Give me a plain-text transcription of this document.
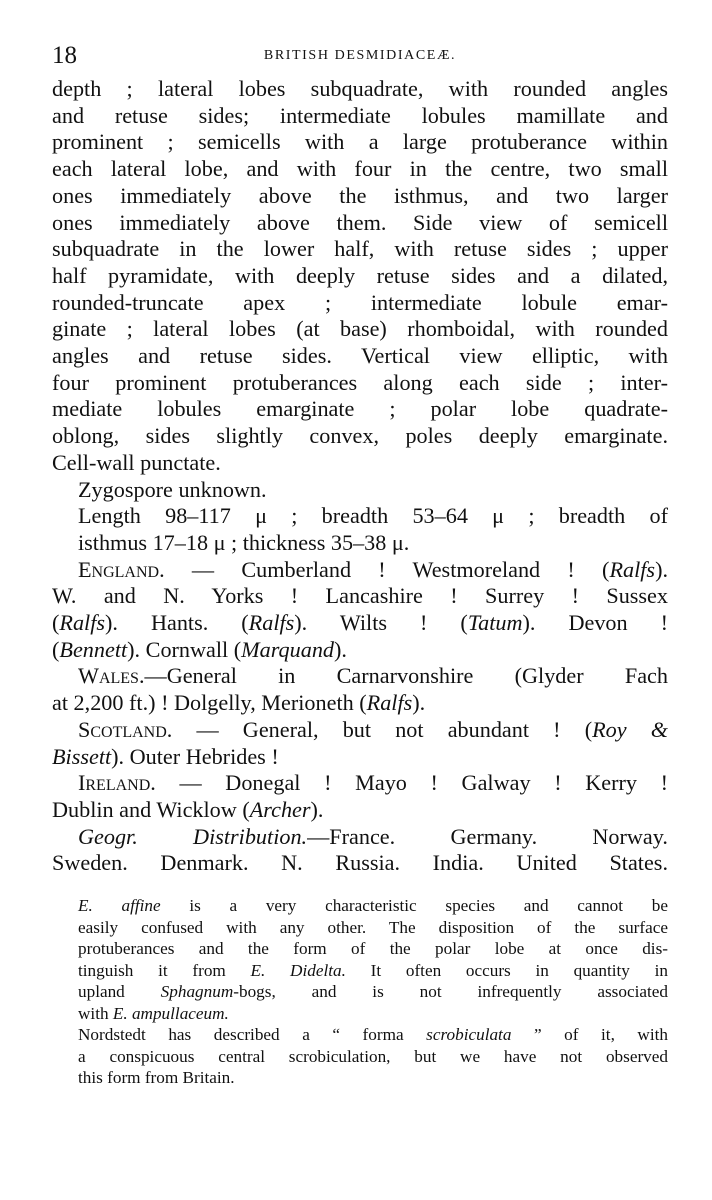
18	BRITISH DESMIDIACEÆ.

depth ; lateral lobes subquadrate, with rounded angles
and retuse sides; intermediate lobules mamillate and
prominent ; semicells with a large protuberance within
each lateral lobe, and with four in the centre, two small
ones immediately above the isthmus, and two larger
ones immediately above them. Side view of semicell
subquadrate in the lower half, with retuse sides ; upper
half pyramidate, with deeply retuse sides and a dilated,
rounded-truncate apex ; intermediate lobule emar-
ginate ; lateral lobes (at base) rhomboidal, with rounded
angles and retuse sides. Vertical view elliptic, with
four prominent protuberances along each side ; inter-
mediate lobules emarginate ; polar lobe quadrate-
oblong, sides slightly convex, poles deeply emarginate.
Cell-wall punctate.

Zygospore unknown.

Length 98–117 μ ; breadth 53–64 μ ; breadth of
isthmus 17–18 μ ; thickness 35–38 μ.

England. — Cumberland ! Westmoreland ! (Ralfs).
W. and N. Yorks ! Lancashire ! Surrey ! Sussex
(Ralfs). Hants. (Ralfs). Wilts ! (Tatum). Devon !
(Bennett). Cornwall (Marquand).

Wales.—General in Carnarvonshire (Glyder Fach
at 2,200 ft.) ! Dolgelly, Merioneth (Ralfs).

Scotland. — General, but not abundant ! (Roy &
Bissett). Outer Hebrides !

Ireland. — Donegal ! Mayo ! Galway ! Kerry !
Dublin and Wicklow (Archer).

Geogr. Distribution.—France. Germany. Norway.
Sweden. Denmark. N. Russia. India. United States.

E. affine is a very characteristic species and cannot be
easily confused with any other. The disposition of the surface
protuberances and the form of the polar lobe at once dis-
tinguish it from E. Didelta. It often occurs in quantity in
upland Sphagnum-bogs, and is not infrequently associated
with E. ampullaceum.

Nordstedt has described a “ forma scrobiculata ” of it, with
a conspicuous central scrobiculation, but we have not observed
this form from Britain.
